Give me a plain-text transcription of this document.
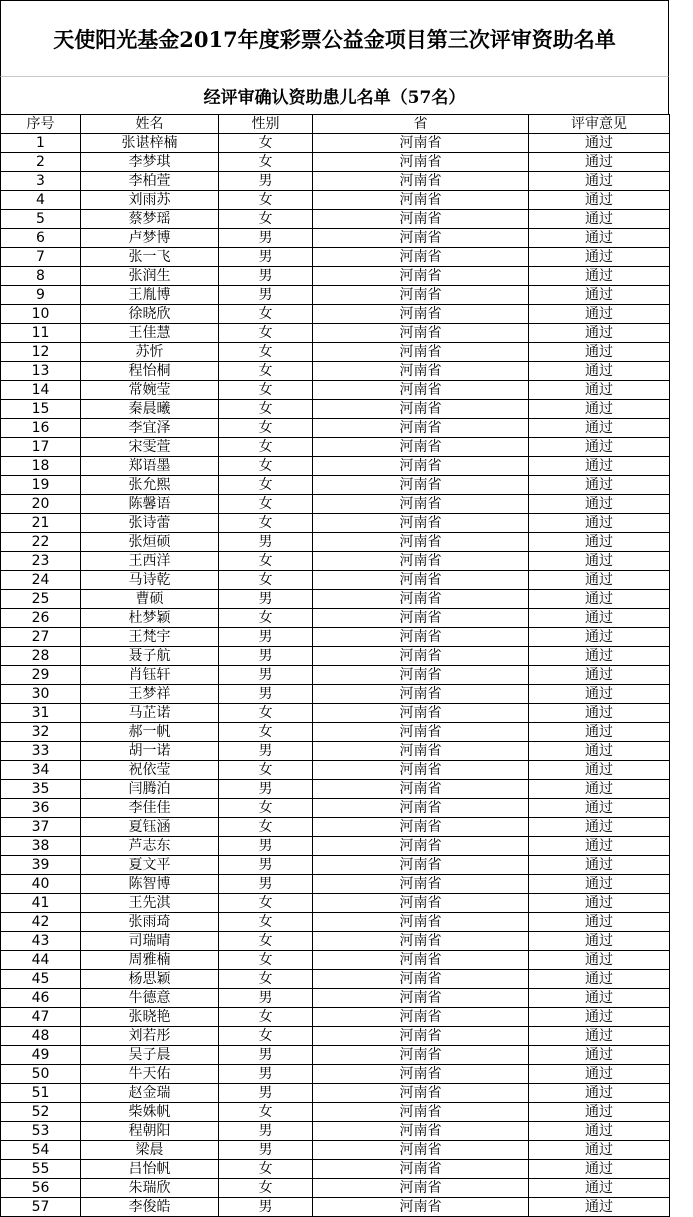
天使阳光基金2017年度彩票公益金项目第三次评审资助名单
经评审确认资助患儿名单（57名）
序号	姓名	性别	省	评审意见
1	张谌梓楠	女	河南省	通过
2	李梦琪	女	河南省	通过
3	李柏萱	男	河南省	通过
4	刘雨苏	女	河南省	通过
5	蔡梦瑶	女	河南省	通过
6	卢梦博	男	河南省	通过
7	张一飞	男	河南省	通过
8	张润生	男	河南省	通过
9	王胤博	男	河南省	通过
10	徐晓欣	女	河南省	通过
11	王佳慧	女	河南省	通过
12	苏忻	女	河南省	通过
13	程怡桐	女	河南省	通过
14	常婉莹	女	河南省	通过
15	秦晨曦	女	河南省	通过
16	李宜泽	女	河南省	通过
17	宋雯萱	女	河南省	通过
18	郑语墨	女	河南省	通过
19	张允熙	女	河南省	通过
20	陈馨语	女	河南省	通过
21	张诗蕾	女	河南省	通过
22	张烜硕	男	河南省	通过
23	王西洋	女	河南省	通过
24	马诗乾	女	河南省	通过
25	曹硕	男	河南省	通过
26	杜梦颖	女	河南省	通过
27	王梵宇	男	河南省	通过
28	聂子航	男	河南省	通过
29	肖钰轩	男	河南省	通过
30	王梦祥	男	河南省	通过
31	马芷诺	女	河南省	通过
32	郝一帆	女	河南省	通过
33	胡一诺	男	河南省	通过
34	祝依莹	女	河南省	通过
35	闫腾泊	男	河南省	通过
36	李佳佳	女	河南省	通过
37	夏钰涵	女	河南省	通过
38	芦志东	男	河南省	通过
39	夏文平	男	河南省	通过
40	陈智博	男	河南省	通过
41	王先淇	女	河南省	通过
42	张雨琦	女	河南省	通过
43	司瑞晴	女	河南省	通过
44	周雅楠	女	河南省	通过
45	杨思颖	女	河南省	通过
46	牛德意	男	河南省	通过
47	张晓艳	女	河南省	通过
48	刘若彤	女	河南省	通过
49	吴子晨	男	河南省	通过
50	牛天佑	男	河南省	通过
51	赵金瑞	男	河南省	通过
52	柴姝帆	女	河南省	通过
53	程朝阳	男	河南省	通过
54	梁晨	男	河南省	通过
55	吕怡帆	女	河南省	通过
56	朱瑞欣	女	河南省	通过
57	李俊皓	男	河南省	通过
